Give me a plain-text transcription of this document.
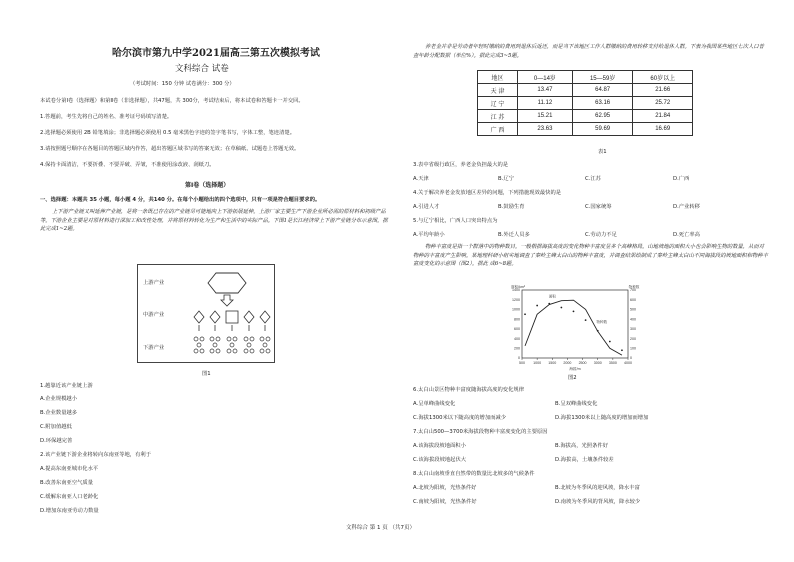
哈尔滨市第九中学2021届高三第五次模拟考试
文科综合 试卷
（考试时间：150 分钟 试卷满分：300 分）
本试卷分第Ⅰ卷（选择题）和第Ⅱ卷（非选择题），共47题，共 300分，考试结束后，将本试卷和答题卡一并交回。
1.答题前，考生先将自己的姓名、准考证号码填写清楚。
2.选择题必须使用 2B 铅笔填涂；非选择题必须使用 0.5 毫米黑色字迹的签字笔书写，字体工整，笔迹清楚。
3.请按照题号顺序在各题目的答题区域内作答，超出答题区域书写的答案无效；在草稿纸、试题卷上答题无效。
4.保持卡面清洁，不要折叠、不要弄破、弄皱，不准使用涂改液、刮纸刀。
第Ⅰ卷（选择题）
一、选择题：本题共 35 小题，每小题 4 分，共140 分。在每个小题给出的四个选项中，只有一项是符合题目要求的。
上下游产业链又叫延伸产业链，是将一条既已存在的产业链尽可能地向上下游拓展延伸。上游厂家主要生产下游企业所必需的原材料和初级产品等。下游企业主要是对原材料进行深加工和改性处理，并将原材料转化为生产和生活中的实际产品。下图1是长江经济带上下游产业链分布示意图。据此完成1~2题。
上游产业
中游产业
下游产业
图1
1.越靠近该产业链上游
A.企业规模越小
B.企业数量越多
C.附加值越低
D.环保越完善
2.该产业链下游企业将转向东南亚等地，有利于
A.提高东南亚城市化水平
B.改善东南亚空气质量
C.缓解东南亚人口老龄化
D.增加东南亚劳动力数量
养老金并非是劳动者年轻时缴纳的费用到退休后返还，而是当下该地区工作人群缴纳的费用转移支付给退休人群。下表为我国某些地区七次人口普查年龄分配数据（单位%）。据此完成3~5题。
地区	0—14岁	15—59岁	60岁以上
天 津	13.47	64.87	21.66
辽 宁	11.12	63.16	25.72
江 苏	15.21	62.95	21.84
广 西	23.63	59.69	16.69
表1
3.表中省级行政区，养老金负担最大的是
A.天津	B.辽宁	C.江苏	D.广西
4.关于解决养老金发放地区差异的问题，下列措施现效最快的是
A.引进人才	B.鼓励生育	C.国家统筹	D.产业转移
5.与辽宁相比，广西人口突出特点为
A.平均年龄小	B.外迁人员多	C.劳动力不足	D.死亡率高
物种丰富度是指一个群落中的物种数目。一般根据海拔高度的变化物种丰富度呈多个高峰格局。山地坡地的面积大小也会影响生物的数量，从而对物种的丰富度产生影响。某地理科研小组实地调查了秦岭主峰太白山的物种丰富度，并调查结果绘制成了秦岭主峰太白山不同海拔段的坡地面积和物种丰富度变化的示意图（图2）。据此 成6~8题。
500 1000 1500 2000 2500 3000 3500 4000
0
200
400
600
800
1000
1200
1400
0
100
200
300
400
500
600
700
面积/km²	物种数
海拔/m
面积
物种数
图2
6.太白山景区物种丰富度随海拔高度的变化规律
A.呈单峰曲线变化	B.呈双峰曲线变化
C.海拔1300米以下随高度的增加而减少	D.海拔1300米以上随高度的增加而增加
7.太白山500—3700米海拔段物种丰富度变化的主要原因
A.该海拔段坡地面积小	B.海拔高，光照条件好
C.该海拔段坡地起伏大	D.海拔高，土壤条件较差
8.太白山南坡垂直自然带的数量比北坡多的气候条件
A.北坡为阳坡，光热条件好	B.北坡为冬季风的迎风坡，降水丰富
C.南坡为阳坡，光热条件好	D.南坡为冬季风的背风坡，降水较少
文科综合 第 1 页 （共7页）
